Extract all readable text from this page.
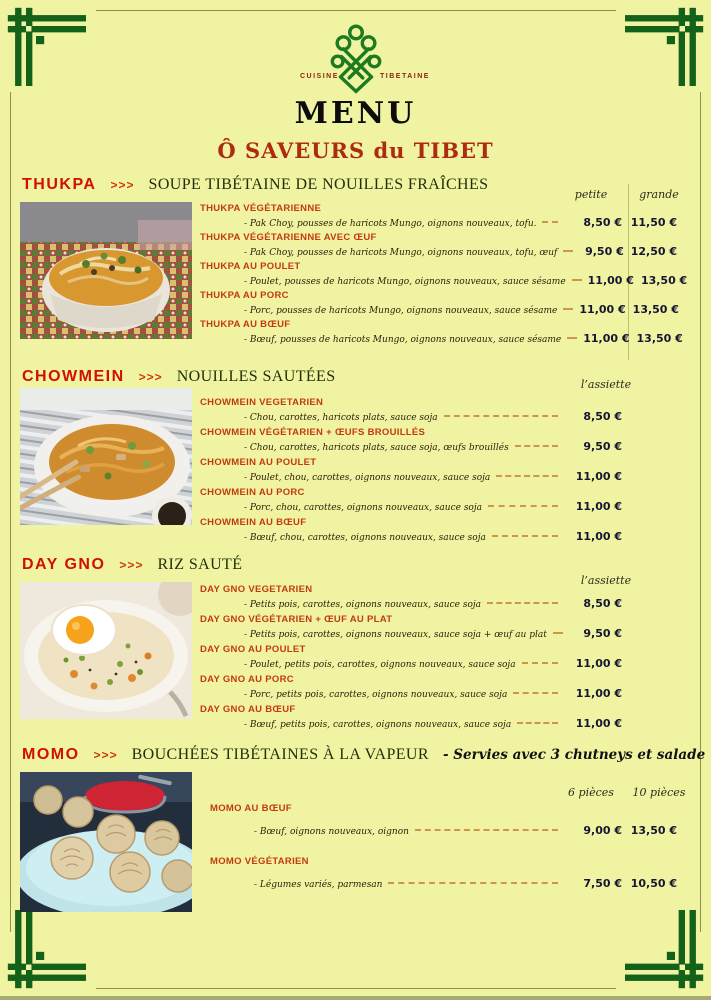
CUISINE	TIBETAINE
MENU
Ô SAVEURS du TIBET
THUKPA >>> SOUPE TIBÉTAINE DE NOUILLES FRAÎCHES
petite	grande
THUKPA VÉGÉTARIENNE
- Pak Choy, pousses de haricots Mungo, oignons nouveaux, tofu.	8,50 € 11,50 €
THUKPA VÉGÉTARIENNE AVEC ŒUF
- Pak Choy, pousses de haricots Mungo, oignons nouveaux, tofu, œuf	9,50 € 12,50 €
THUKPA AU POULET
- Poulet, pousses de haricots Mungo, oignons nouveaux, sauce sésame 11,00 € 13,50 €
THUKPA AU PORC
- Porc, pousses de haricots Mungo, oignons nouveaux, sauce sésame 11,00 € 13,50 €
THUKPA AU BŒUF
- Bœuf, pousses de haricots Mungo, oignons nouveaux, sauce sésame 11,00 € 13,50 €
CHOWMEIN >>> NOUILLES SAUTÉES	l’assiette
CHOWMEIN VEGETARIEN
- Chou, carottes, haricots plats, sauce soja	8,50 €
CHOWMEIN VÉGÉTARIEN + ŒUFS BROUILLÉS
- Chou, carottes, haricots plats, sauce soja, œufs brouillés	9,50 €
CHOWMEIN AU POULET
- Poulet, chou, carottes, oignons nouveaux, sauce soja	11,00 €
CHOWMEIN AU PORC
- Porc, chou, carottes, oignons nouveaux, sauce soja	11,00 €
CHOWMEIN AU BŒUF
- Bœuf, chou, carottes, oignons nouveaux, sauce soja	11,00 €
DAY GNO >>> RIZ SAUTÉ
l’assiette
DAY GNO VEGETARIEN
- Petits pois, carottes, oignons nouveaux, sauce soja	8,50 €
DAY GNO VÉGÉTARIEN + ŒUF AU PLAT
- Petits pois, carottes, oignons nouveaux, sauce soja + œuf au plat	9,50 €
DAY GNO AU POULET
- Poulet, petits pois, carottes, oignons nouveaux, sauce soja	11,00 €
DAY GNO AU PORC
- Porc, petits pois, carottes, oignons nouveaux, sauce soja	11,00 €
DAY GNO AU BŒUF
- Bœuf, petits pois, carottes, oignons nouveaux, sauce soja	11,00 €
MOMO >>> BOUCHÉES TIBÉTAINES À LA VAPEUR - Servies avec 3 chutneys et salade
6 pièces	10 pièces
MOMO AU BŒUF
- Bœuf, oignons nouveaux, oignon	9,00 € 13,50 €
MOMO VÉGÉTARIEN
- Légumes variés, parmesan	7,50 € 10,50 €
